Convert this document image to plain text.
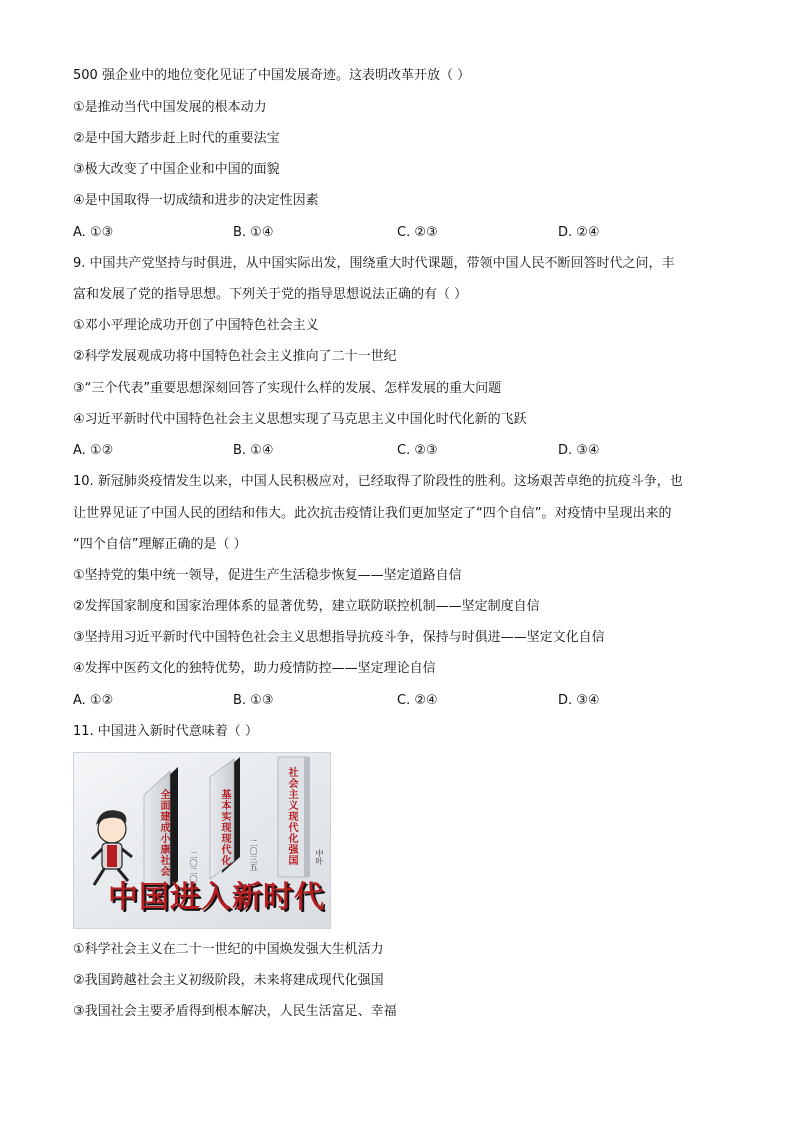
500 强企业中的地位变化见证了中国发展奇迹。这表明改革开放（ ）
①是推动当代中国发展的根本动力
②是中国大踏步赶上时代的重要法宝
③极大改变了中国企业和中国的面貌
④是中国取得一切成绩和进步的决定性因素
A. ①③	B. ①④	C. ②③	D. ②④
9. 中国共产党坚持与时俱进，从中国实际出发，围绕重大时代课题，带领中国人民不断回答时代之问，丰
富和发展了党的指导思想。下列关于党的指导思想说法正确的有（ ）
①邓小平理论成功开创了中国特色社会主义
②科学发展观成功将中国特色社会主义推向了二十一世纪
③“三个代表”重要思想深刻回答了实现什么样的发展、怎样发展的重大问题
④习近平新时代中国特色社会主义思想实现了马克思主义中国化时代化新的飞跃
A. ①②	B. ①④	C. ②③	D. ③④
10. 新冠肺炎疫情发生以来，中国人民积极应对，已经取得了阶段性的胜利。这场艰苦卓绝的抗疫斗争，也
让世界见证了中国人民的团结和伟大。此次抗击疫情让我们更加坚定了“四个自信”。对疫情中呈现出来的
“四个自信”理解正确的是（ ）
①坚持党的集中统一领导，促进生产生活稳步恢复——坚定道路自信
②发挥国家制度和国家治理体系的显著优势，建立联防联控机制——坚定制度自信
③坚持用习近平新时代中国特色社会主义思想指导抗疫斗争，保持与时俱进——坚定文化自信
④发挥中医药文化的独特优势，助力疫情防控——坚定理论自信
A. ①②	B. ①③	C. ②④	D. ③④
11. 中国进入新时代意味着（ ）
全面建成小康社会	二〇二〇
基本实现现代化 二〇三五	社会主义现代化强国 中叶
中国进入新时代
①科学社会主义在二十一世纪的中国焕发强大生机活力
②我国跨越社会主义初级阶段，未来将建成现代化强国
③我国社会主要矛盾得到根本解决，人民生活富足、幸福
